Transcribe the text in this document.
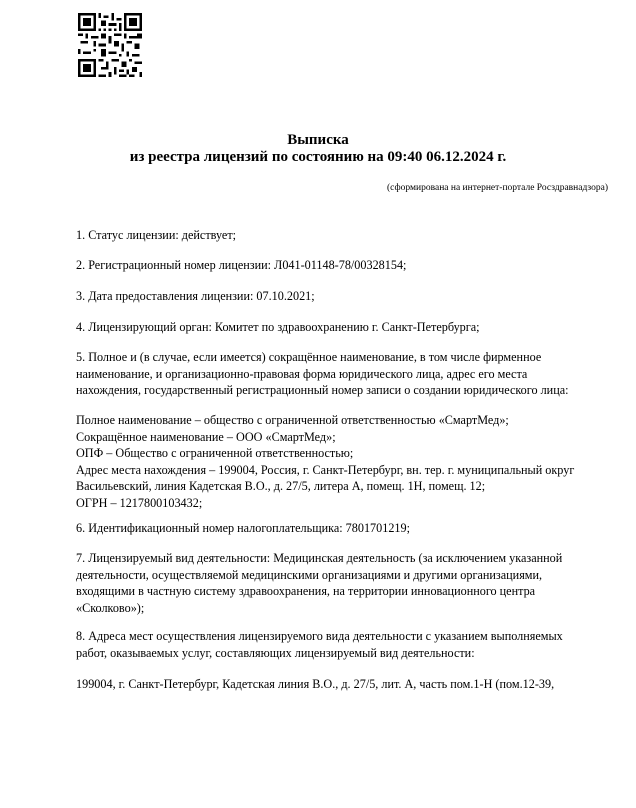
Выписка
из реестра лицензий по состоянию на 09:40 06.12.2024 г.
(сформирована на интернет-портале Росздравнадзора)
1. Статус лицензии: действует;
2. Регистрационный номер лицензии: Л041-01148-78/00328154;
3. Дата предоставления лицензии: 07.10.2021;
4. Лицензирующий орган: Комитет по здравоохранению г. Санкт-Петербурга;
5. Полное и (в случае, если имеется) сокращённое наименование, в том числе фирменное
наименование, и организационно-правовая форма юридического лица, адрес его места
нахождения, государственный регистрационный номер записи о создании юридического лица:
Полное наименование – общество с ограниченной ответственностью «СмартМед»;
Сокращённое наименование – ООО «СмартМед»;
ОПФ – Общество с ограниченной ответственностью;
Адрес места нахождения – 199004, Россия, г. Санкт-Петербург, вн. тер. г. муниципальный округ
Васильевский, линия Кадетская В.О., д. 27/5, литера А, помещ. 1Н, помещ. 12;
ОГРН – 1217800103432;
6. Идентификационный номер налогоплательщика: 7801701219;
7. Лицензируемый вид деятельности: Медицинская деятельность (за исключением указанной
деятельности, осуществляемой медицинскими организациями и другими организациями,
входящими в частную систему здравоохранения, на территории инновационного центра
«Сколково»);
8. Адреса мест осуществления лицензируемого вида деятельности с указанием выполняемых
работ, оказываемых услуг, составляющих лицензируемый вид деятельности:
199004, г. Санкт-Петербург, Кадетская линия В.О., д. 27/5, лит. А, часть пом.1-Н (пом.12-39,
